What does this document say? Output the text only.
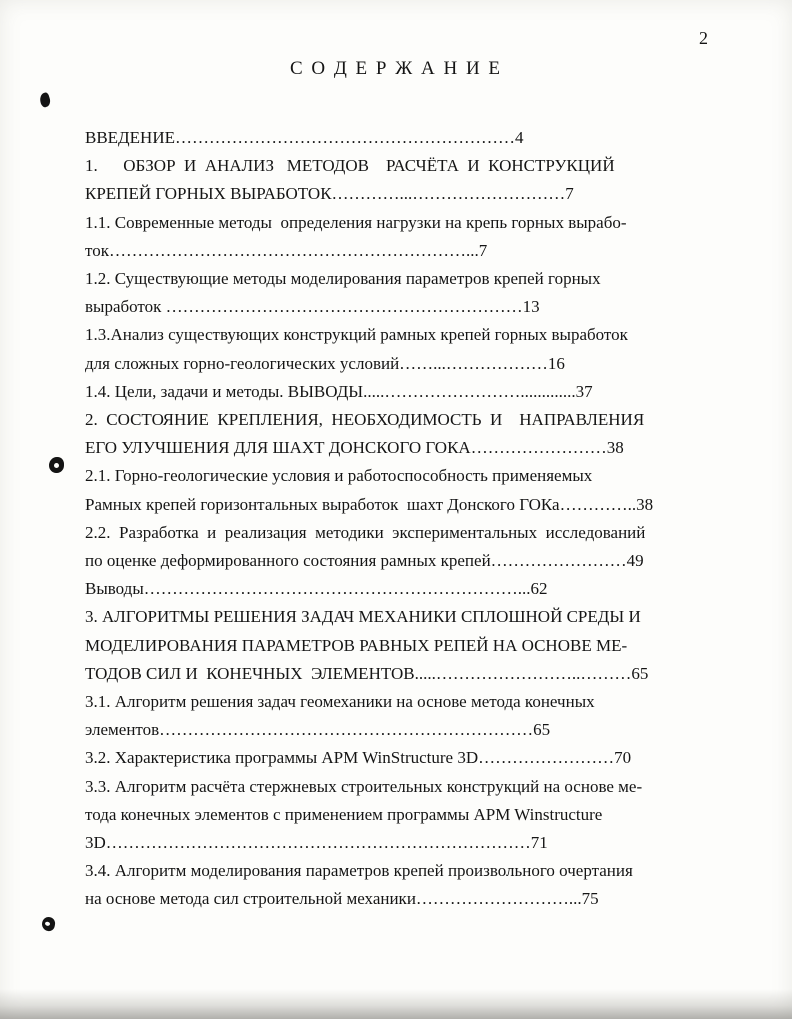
2
С О Д Е Р Ж А Н И Е
ВВЕДЕНИЕ……………………………………………………4
1.      ОБЗОР  И  АНАЛИЗ   МЕТОДОВ    РАСЧЁТА  И  КОНСТРУКЦИЙ
КРЕПЕЙ ГОРНЫХ ВЫРАБОТОК…………...………………………7
1.1. Современные методы  определения нагрузки на крепь горных вырабо-
ток………………………………………………………...7
1.2. Существующие методы моделирования параметров крепей горных
выработок ………………………………………………………13
1.3.Анализ существующих конструкций рамных крепей горных выработок
для сложных горно-геологических условий……...………………16
1.4. Цели, задачи и методы. ВЫВОДЫ.....…………………….............37
2.  СОСТОЯНИЕ  КРЕПЛЕНИЯ,  НЕОБХОДИМОСТЬ  И    НАПРАВЛЕНИЯ
ЕГО УЛУЧШЕНИЯ ДЛЯ ШАХТ ДОНСКОГО ГОКА……………………38
2.1. Горно-геологические условия и работоспособность применяемых
Рамных крепей горизонтальных выработок  шахт Донского ГОКа…………..38
2.2.  Разработка  и  реализация  методики  экспериментальных  исследований
по оценке деформированного состояния рамных крепей……………………49
Выводы…………………………………………………………...62
3. АЛГОРИТМЫ РЕШЕНИЯ ЗАДАЧ МЕХАНИКИ СПЛОШНОЙ СРЕДЫ И
МОДЕЛИРОВАНИЯ ПАРАМЕТРОВ РАВНЫХ РЕПЕЙ НА ОСНОВЕ МЕ-
ТОДОВ СИЛ И  КОНЕЧНЫХ  ЭЛЕМЕНТОВ.....……………………..………65
3.1. Алгоритм решения задач геомеханики на основе метода конечных
элементов…………………………………………………………65
3.2. Характеристика программы APM WinStructure 3D……………………70
3.3. Алгоритм расчёта стержневых строительных конструкций на основе ме-
тода конечных элементов с применением программы APM Winstructure
3D…………………………………………………………………71
3.4. Алгоритм моделирования параметров крепей произвольного очертания
на основе метода сил строительной механики………………………...75
